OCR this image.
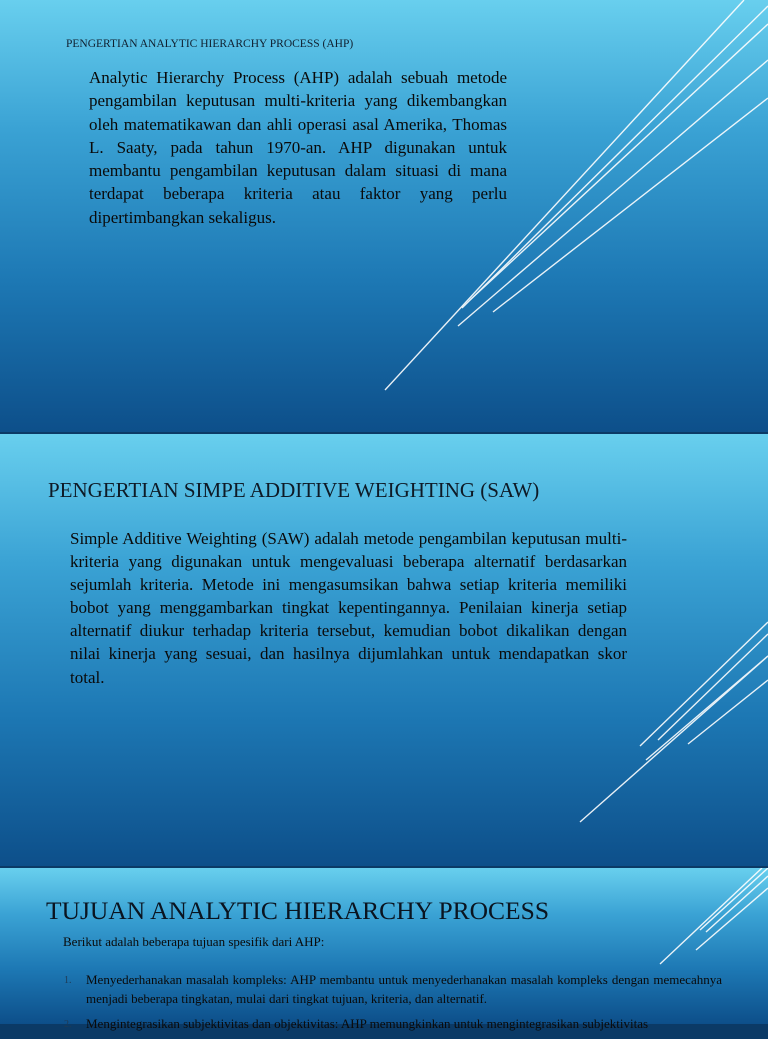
PENGERTIAN ANALYTIC HIERARCHY PROCESS (AHP)

Analytic Hierarchy Process (AHP) adalah sebuah metode pengambilan keputusan multi-kriteria yang dikembangkan oleh matematikawan dan ahli operasi asal Amerika, Thomas L. Saaty, pada tahun 1970-an. AHP digunakan untuk membantu pengambilan keputusan dalam situasi di mana terdapat beberapa kriteria atau faktor yang perlu dipertimbangkan sekaligus.

PENGERTIAN SIMPE ADDITIVE WEIGHTING (SAW)

Simple Additive Weighting (SAW) adalah metode pengambilan keputusan multi-kriteria yang digunakan untuk mengevaluasi beberapa alternatif berdasarkan sejumlah kriteria. Metode ini mengasumsikan bahwa setiap kriteria memiliki bobot yang menggambarkan tingkat kepentingannya. Penilaian kinerja setiap alternatif diukur terhadap kriteria tersebut, kemudian bobot dikalikan dengan nilai kinerja yang sesuai, dan hasilnya dijumlahkan untuk mendapatkan skor total.

TUJUAN ANALYTIC HIERARCHY PROCESS
Berikut adalah beberapa tujuan spesifik dari AHP:
1. Menyederhanakan masalah kompleks: AHP membantu untuk menyederhanakan masalah kompleks dengan memecahnya menjadi beberapa tingkatan, mulai dari tingkat tujuan, kriteria, dan alternatif.
2. Mengintegrasikan subjektivitas dan objektivitas: AHP memungkinkan untuk mengintegrasikan subjektivitas
